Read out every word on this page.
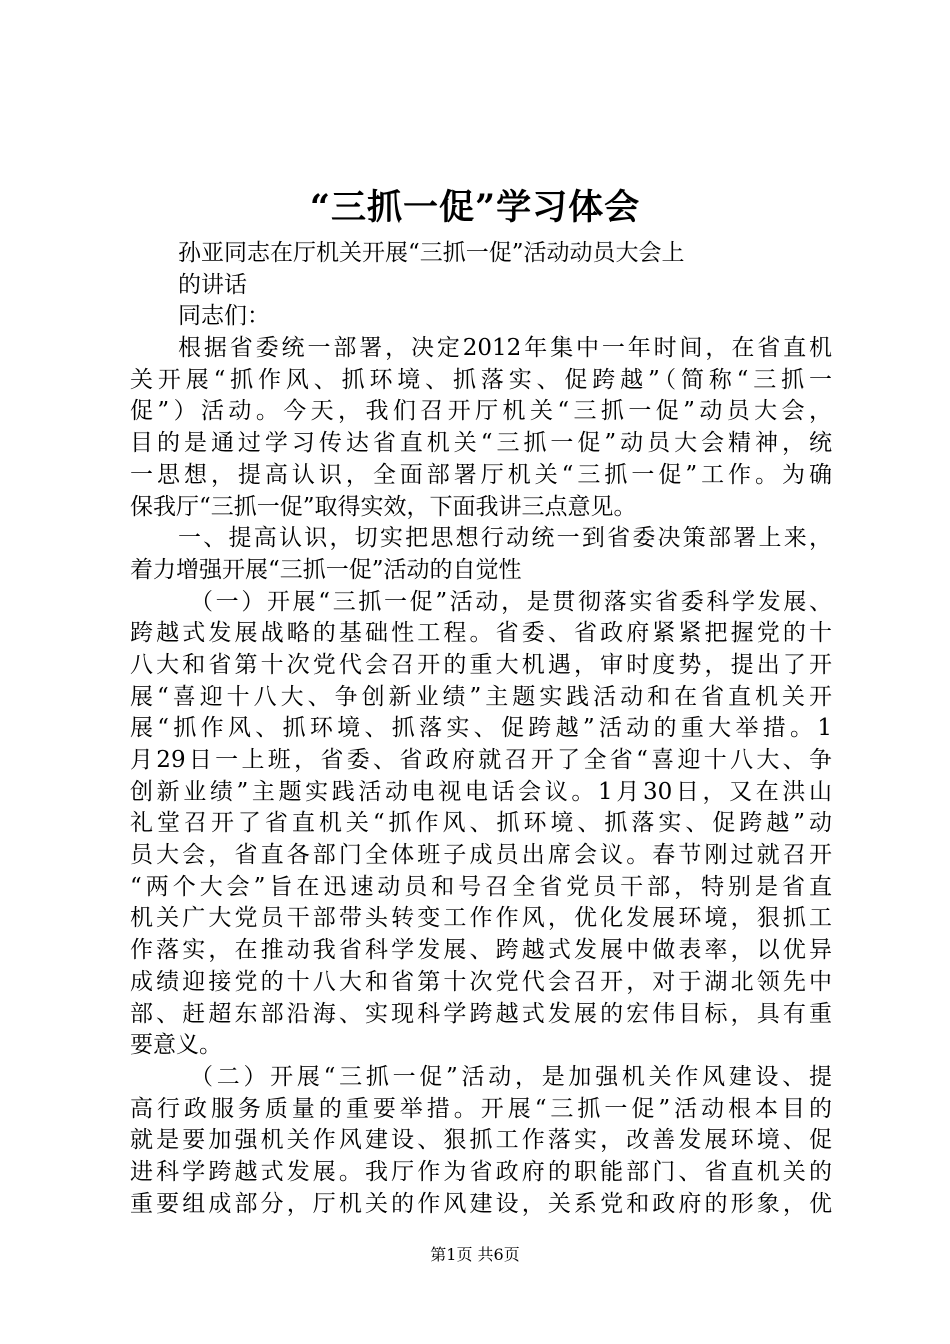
“三抓一促”学习体会
孙亚同志在厅机关开展“三抓一促”活动动员大会上
的讲话
同志们：
根据省委统一部署，决定2012年集中一年时间，在省直机
关开展“抓作风、抓环境、抓落实、促跨越”（简称“三抓一
促”）活动。今天，我们召开厅机关“三抓一促”动员大会，
目的是通过学习传达省直机关“三抓一促”动员大会精神，统
一思想，提高认识，全面部署厅机关“三抓一促”工作。为确
保我厅“三抓一促”取得实效，下面我讲三点意见。
一、提高认识，切实把思想行动统一到省委决策部署上来，
着力增强开展“三抓一促”活动的自觉性
（一）开展“三抓一促”活动，是贯彻落实省委科学发展、
跨越式发展战略的基础性工程。省委、省政府紧紧把握党的十
八大和省第十次党代会召开的重大机遇，审时度势，提出了开
展“喜迎十八大、争创新业绩”主题实践活动和在省直机关开
展“抓作风、抓环境、抓落实、促跨越”活动的重大举措。1
月29日一上班，省委、省政府就召开了全省“喜迎十八大、争
创新业绩”主题实践活动电视电话会议。1月30日，又在洪山
礼堂召开了省直机关“抓作风、抓环境、抓落实、促跨越”动
员大会，省直各部门全体班子成员出席会议。春节刚过就召开
“两个大会”旨在迅速动员和号召全省党员干部，特别是省直
机关广大党员干部带头转变工作作风，优化发展环境，狠抓工
作落实，在推动我省科学发展、跨越式发展中做表率，以优异
成绩迎接党的十八大和省第十次党代会召开，对于湖北领先中
部、赶超东部沿海、实现科学跨越式发展的宏伟目标，具有重
要意义。
（二）开展“三抓一促”活动，是加强机关作风建设、提
高行政服务质量的重要举措。开展“三抓一促”活动根本目的
就是要加强机关作风建设、狠抓工作落实，改善发展环境、促
进科学跨越式发展。我厅作为省政府的职能部门、省直机关的
重要组成部分，厅机关的作风建设，关系党和政府的形象，优
第1页 共6页
